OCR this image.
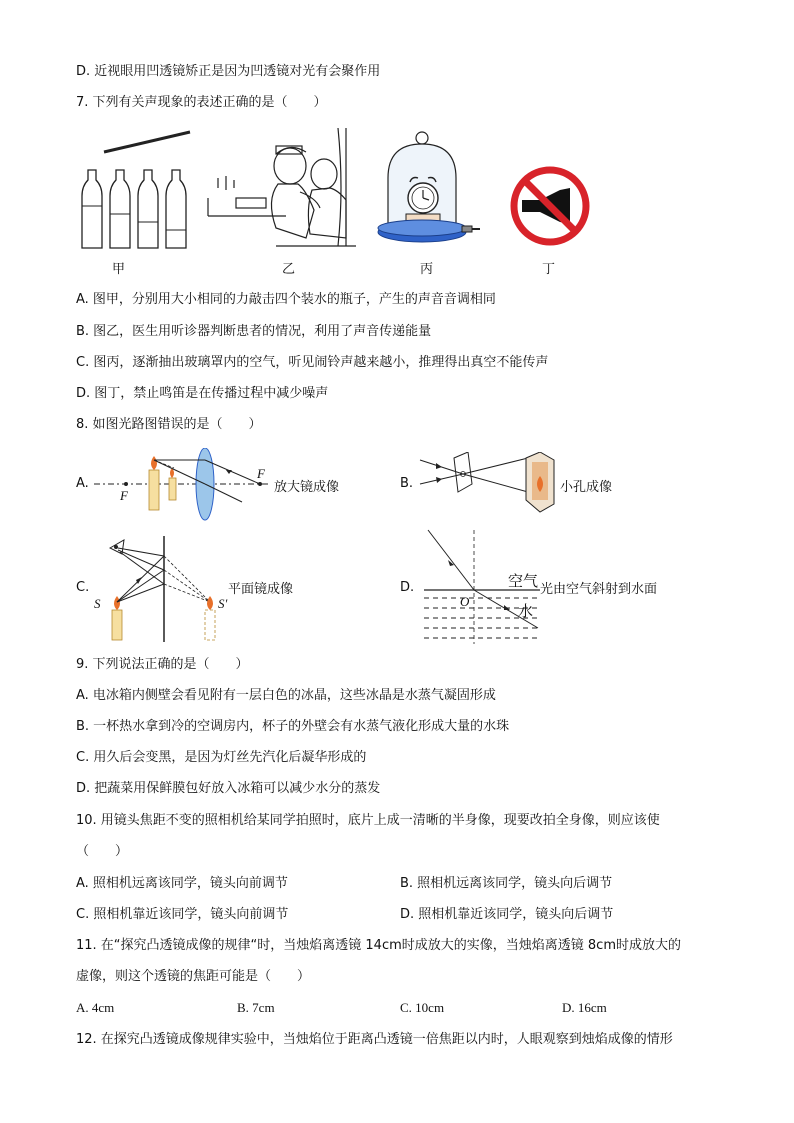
D. 近视眼用凹透镜矫正是因为凹透镜对光有会聚作用
7. 下列有关声现象的表述正确的是（　　）
甲	乙	丙	丁
A. 图甲，分别用大小相同的力敲击四个装水的瓶子，产生的声音音调相同
B. 图乙，医生用听诊器判断患者的情况，利用了声音传递能量
C. 图丙，逐渐抽出玻璃罩内的空气，听见闹铃声越来越小，推理得出真空不能传声
D. 图丁，禁止鸣笛是在传播过程中减少噪声
8. 如图光路图错误的是（　　）
A.
F
F
放大镜成像	B.	小孔成像
C.
S	S′
平面镜成像	D.	空气
水
O
光由空气斜射到水面
9. 下列说法正确的是（　　）
A. 电冰箱内侧壁会看见附有一层白色的冰晶，这些冰晶是水蒸气凝固形成
B. 一杯热水拿到冷的空调房内，杯子的外壁会有水蒸气液化形成大量的水珠
C. 用久后会变黑，是因为灯丝先汽化后凝华形成的
D. 把蔬菜用保鲜膜包好放入冰箱可以减少水分的蒸发
10. 用镜头焦距不变的照相机给某同学拍照时，底片上成一清晰的半身像，现要改拍全身像，则应该使
（　　）
A. 照相机远离该同学，镜头向前调节	B. 照相机远离该同学，镜头向后调节
C. 照相机靠近该同学，镜头向前调节	D. 照相机靠近该同学，镜头向后调节
11. 在“探究凸透镜成像的规律“时，当烛焰离透镜 14cm时成放大的实像，当烛焰离透镜 8cm时成放大的
虚像，则这个透镜的焦距可能是（　　）
A. 4cm	B. 7cm	C. 10cm	D. 16cm
12. 在探究凸透镜成像规律实验中，当烛焰位于距离凸透镜一倍焦距以内时，人眼观察到烛焰成像的情形
